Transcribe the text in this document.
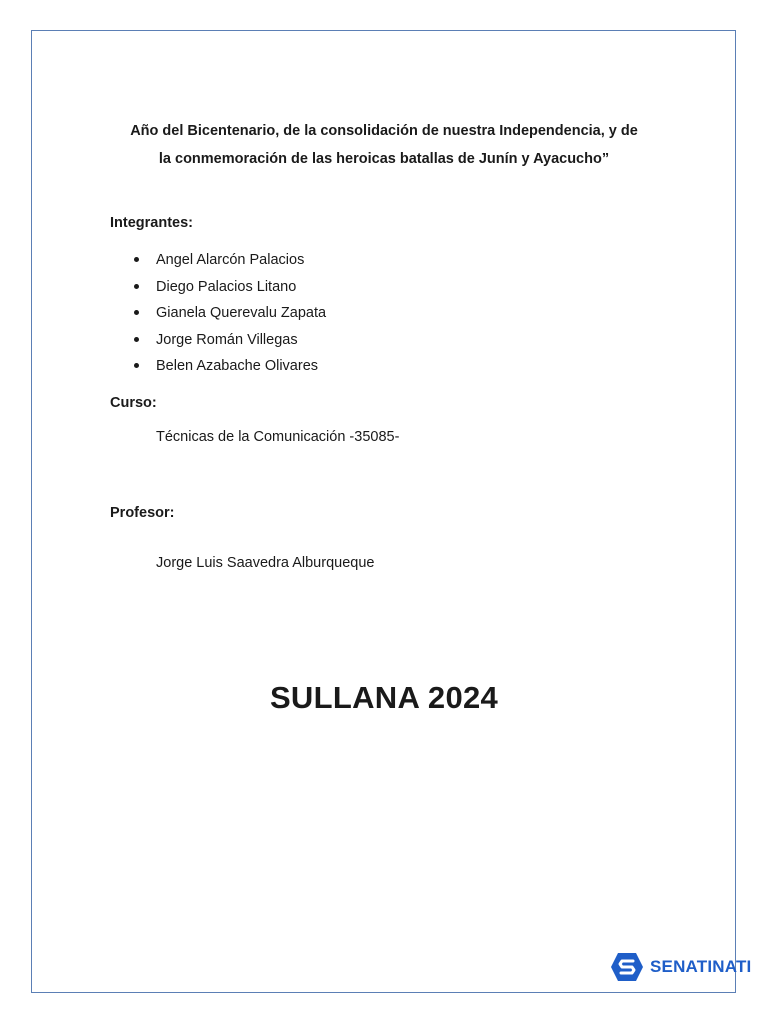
Año del Bicentenario, de la consolidación de nuestra Independencia, y de
la conmemoración de las heroicas batallas de Junín y Ayacucho”
Integrantes:
Angel Alarcón Palacios
Diego Palacios Litano
Gianela Querevalu Zapata
Jorge Román Villegas
Belen Azabache Olivares
Curso:
Técnicas de la Comunicación -35085-
Profesor:
Jorge Luis Saavedra Alburqueque
SULLANA 2024
SENATINATI
